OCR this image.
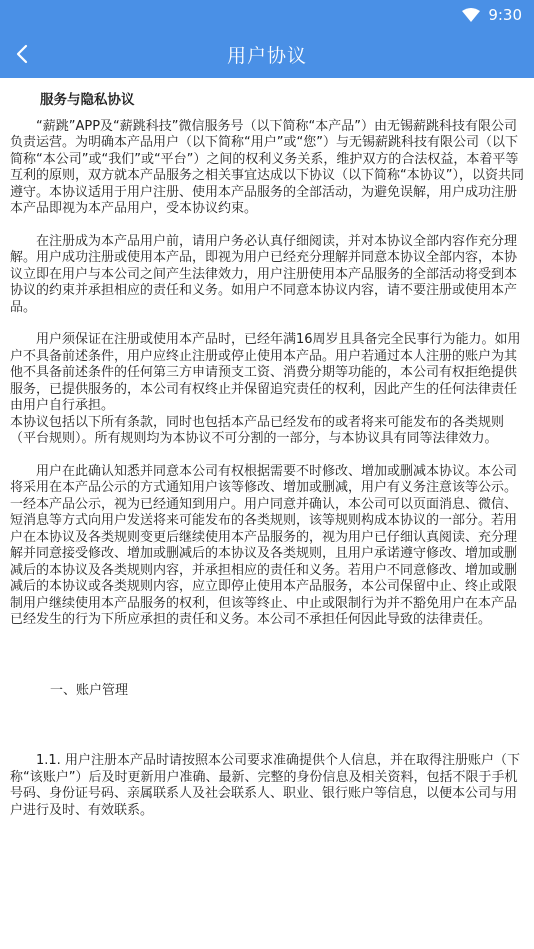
9:30
用户协议

服务与隐私协议

“薪跳”APP及“薪跳科技”微信服务号（以下简称“本产品”）由无锡薪跳科技有限公司负责运营。为明确本产品用户（以下简称“用户”或“您”）与无锡薪跳科技有限公司（以下简称“本公司”或“我们”或“平台”）之间的权利义务关系，维护双方的合法权益，本着平等互利的原则，双方就本产品服务之相关事宜达成以下协议（以下简称“本协议”），以资共同遵守。本协议适用于用户注册、使用本产品服务的全部活动，为避免误解，用户成功注册本产品即视为本产品用户，受本协议约束。

在注册成为本产品用户前，请用户务必认真仔细阅读，并对本协议全部内容作充分理解。用户成功注册或使用本产品，即视为用户已经充分理解并同意本协议全部内容，本协议立即在用户与本公司之间产生法律效力，用户注册使用本产品服务的全部活动将受到本协议的约束并承担相应的责任和义务。如用户不同意本协议内容，请不要注册或使用本产品。

用户须保证在注册或使用本产品时，已经年满16周岁且具备完全民事行为能力。如用户不具备前述条件，用户应终止注册或停止使用本产品。用户若通过本人注册的账户为其他不具备前述条件的任何第三方申请预支工资、消费分期等功能的，本公司有权拒绝提供服务，已提供服务的，本公司有权终止并保留追究责任的权利，因此产生的任何法律责任由用户自行承担。

本协议包括以下所有条款，同时也包括本产品已经发布的或者将来可能发布的各类规则（平台规则）。所有规则均为本协议不可分割的一部分，与本协议具有同等法律效力。

用户在此确认知悉并同意本公司有权根据需要不时修改、增加或删减本协议。本公司将采用在本产品公示的方式通知用户该等修改、增加或删减，用户有义务注意该等公示。一经本产品公示，视为已经通知到用户。用户同意并确认，本公司可以页面消息、微信、短消息等方式向用户发送将来可能发布的各类规则，该等规则构成本协议的一部分。若用户在本协议及各类规则变更后继续使用本产品服务的，视为用户已仔细认真阅读、充分理解并同意接受修改、增加或删减后的本协议及各类规则，且用户承诺遵守修改、增加或删减后的本协议及各类规则内容，并承担相应的责任和义务。若用户不同意修改、增加或删减后的本协议或各类规则内容，应立即停止使用本产品服务，本公司保留中止、终止或限制用户继续使用本产品服务的权利，但该等终止、中止或限制行为并不豁免用户在本产品已经发生的行为下所应承担的责任和义务。本公司不承担任何因此导致的法律责任。

一、账户管理

1.1. 用户注册本产品时请按照本公司要求准确提供个人信息，并在取得注册账户（下称“该账户”）后及时更新用户准确、最新、完整的身份信息及相关资料，包括不限于手机号码、身份证号码、亲属联系人及社会联系人、职业、银行账户等信息，以便本公司与用户进行及时、有效联系。
